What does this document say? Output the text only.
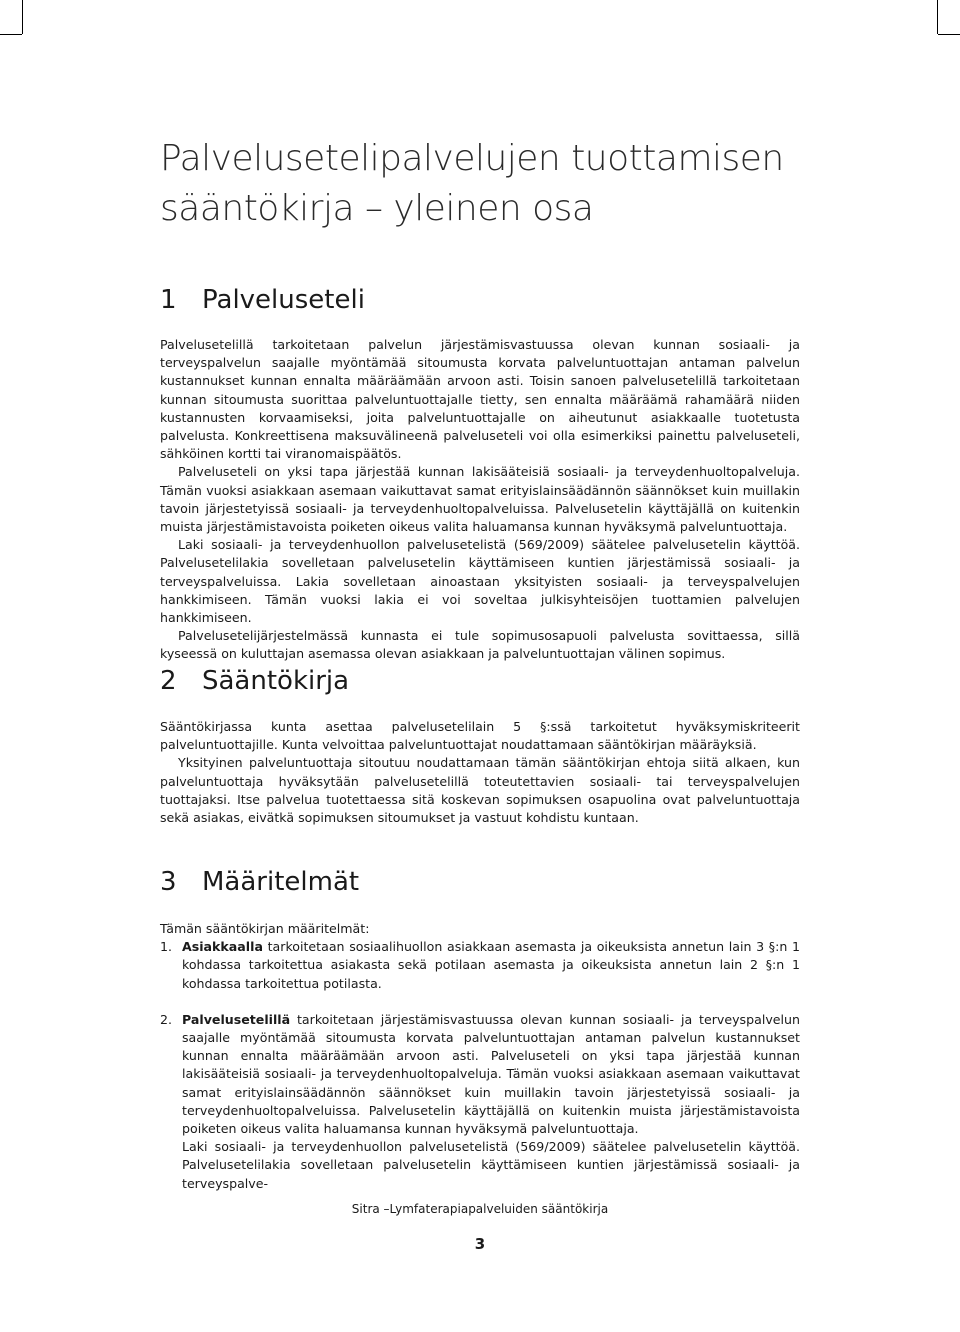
Palvelusetelipalvelujen tuottamisen
sääntökirja – yleinen osa
1 Palveluseteli

Palvelusetelillä tarkoitetaan palvelun järjestämisvastuussa olevan kunnan sosiaali- ja terveyspalvelun saajalle myöntämää sitoumusta korvata palveluntuottajan antaman palvelun kustannukset kunnan ennalta määräämään arvoon asti. Toisin sanoen palvelusetelillä tarkoitetaan kunnan sitoumusta suorittaa palveluntuottajalle tietty, sen ennalta määräämä rahamäärä niiden kustannusten korvaamiseksi, joita palveluntuottajalle on aiheutunut asiakkaalle tuotetusta palvelusta. Konkreettisena maksuvälineenä palveluseteli voi olla esimerkiksi painettu palveluseteli, sähköinen kortti tai viranomaispäätös.

Palveluseteli on yksi tapa järjestää kunnan lakisääteisiä sosiaali- ja terveydenhuoltopalveluja. Tämän vuoksi asiakkaan asemaan vaikuttavat samat erityislainsäädännön säännökset kuin muillakin tavoin järjestetyissä sosiaali- ja terveydenhuoltopalveluissa. Palvelusetelin käyttäjällä on kuitenkin muista järjestämistavoista poiketen oikeus valita haluamansa kunnan hyväksymä palveluntuottaja.

Laki sosiaali- ja terveydenhuollon palvelusetelistä (569/2009) säätelee palvelusetelin käyttöä. Palvelusetelilakia sovelletaan palvelusetelin käyttämiseen kuntien järjestämissä sosiaali- ja terveyspalveluissa. Lakia sovelletaan ainoastaan yksityisten sosiaali- ja terveyspalvelujen hankkimiseen. Tämän vuoksi lakia ei voi soveltaa julkisyhteisöjen tuottamien palvelujen hankkimiseen.

Palvelusetelijärjestelmässä kunnasta ei tule sopimusosapuoli palvelusta sovittaessa, sillä kyseessä on kuluttajan asemassa olevan asiakkaan ja palveluntuottajan välinen sopimus.

2 Sääntökirja

Sääntökirjassa kunta asettaa palvelusetelilain 5 §:ssä tarkoitetut hyväksymiskriteerit palveluntuottajille. Kunta velvoittaa palveluntuottajat noudattamaan sääntökirjan määräyksiä.

Yksityinen palveluntuottaja sitoutuu noudattamaan tämän sääntökirjan ehtoja siitä alkaen, kun palveluntuottaja hyväksytään palvelusetelillä toteutettavien sosiaali- tai terveyspalvelujen tuottajaksi. Itse palvelua tuotettaessa sitä koskevan sopimuksen osapuolina ovat palveluntuottaja sekä asiakas, eivätkä sopimuksen sitoumukset ja vastuut kohdistu kuntaan.

3 Määritelmät

Tämän sääntökirjan määritelmät:

1. Asiakkaalla tarkoitetaan sosiaalihuollon asiakkaan asemasta ja oikeuksista annetun lain 3 §:n 1 kohdassa tarkoitettua asiakasta sekä potilaan asemasta ja oikeuksista annetun lain 2 §:n 1 kohdassa tarkoitettua potilasta.
2. Palvelusetelillä tarkoitetaan järjestämisvastuussa olevan kunnan sosiaali- ja terveyspalvelun saajalle myöntämää sitoumusta korvata palveluntuottajan antaman palvelun kustannukset kunnan ennalta määräämään arvoon asti. Palveluseteli on yksi tapa järjestää kunnan lakisääteisiä sosiaali- ja terveydenhuoltopalveluja. Tämän vuoksi asiakkaan asemaan vaikuttavat samat erityislainsäädännön säännökset kuin muillakin tavoin järjestetyissä sosiaali- ja terveydenhuoltopalveluissa. Palvelusetelin käyttäjällä on kuitenkin muista järjestämistavoista poiketen oikeus valita haluamansa kunnan hyväksymä palveluntuottaja.
Laki sosiaali- ja terveydenhuollon palvelusetelistä (569/2009) säätelee palvelusetelin käyttöä. Palvelusetelilakia sovelletaan palvelusetelin käyttämiseen kuntien järjestämissä sosiaali- ja terveyspalve-
Sitra –Lymfaterapiapalveluiden sääntökirja
3
